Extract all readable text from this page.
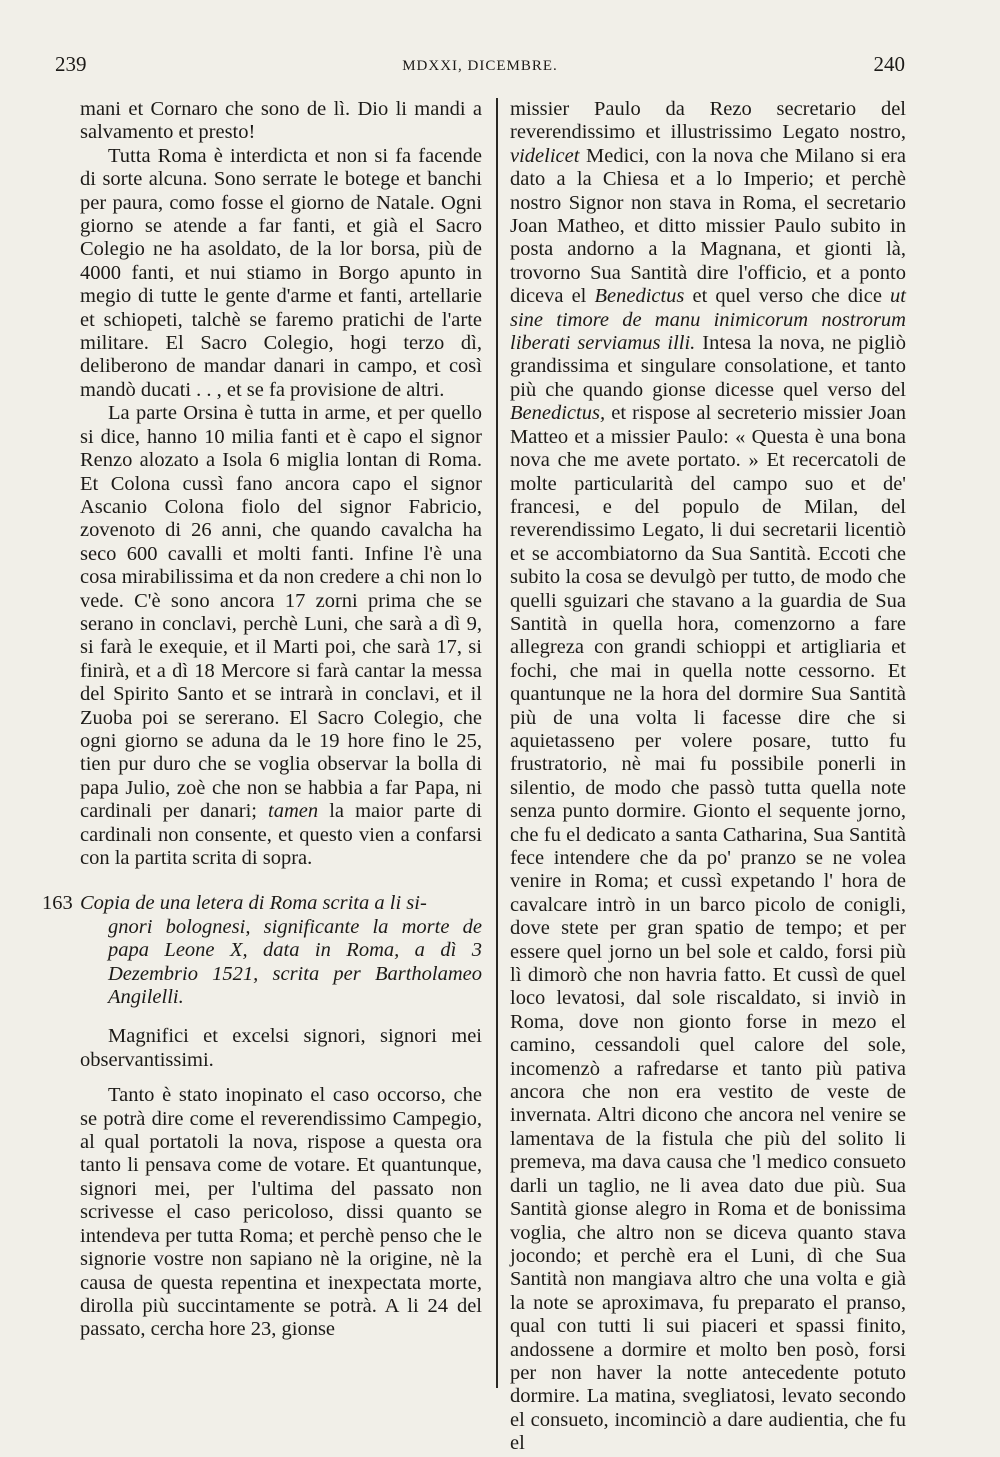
239	MDXXI, DICEMBRE.	240

mani et Cornaro che sono de lì. Dio li mandi a salvamento et presto!

Tutta Roma è interdicta et non si fa facende di sorte alcuna. Sono serrate le botege et banchi per paura, como fosse el giorno de Natale. Ogni giorno se atende a far fanti, et già el Sacro Colegio ne ha asoldato, de la lor borsa, più de 4000 fanti, et nui stiamo in Borgo apunto in megio di tutte le gente d'arme et fanti, artellarie et schiopeti, talchè se faremo pratichi de l'arte militare. El Sacro Colegio, hogi terzo dì, deliberono de mandar danari in campo, et così mandò ducati . . , et se fa provisione de altri.

La parte Orsina è tutta in arme, et per quello si dice, hanno 10 milia fanti et è capo el signor Renzo alozato a Isola 6 miglia lontan di Roma. Et Colona cussì fano ancora capo el signor Ascanio Colona fiolo del signor Fabricio, zovenoto di 26 anni, che quando cavalcha ha seco 600 cavalli et molti fanti. Infine l'è una cosa mirabilissima et da non credere a chi non lo vede. C'è sono ancora 17 zorni prima che se serano in conclavi, perchè Luni, che sarà a dì 9, si farà le exequie, et il Marti poi, che sarà 17, si finirà, et a dì 18 Mercore si farà cantar la messa del Spirito Santo et se intrarà in conclavi, et il Zuoba poi se sererano. El Sacro Colegio, che ogni giorno se aduna da le 19 hore fino le 25, tien pur duro che se voglia observar la bolla di papa Julio, zoè che non se habbia a far Papa, ni cardinali per danari; tamen la maior parte di cardinali non consente, et questo vien a confarsi con la partita scrita di sopra.

163 Copia de una letera di Roma scrita a li si-
gnori bolognesi, significante la morte de papa Leone X, data in Roma, a dì 3 Dezembrio 1521, scrita per Bartholameo Angilelli.

Magnifici et excelsi signori, signori mei observantissimi.

Tanto è stato inopinato el caso occorso, che se potrà dire come el reverendissimo Campegio, al qual portatoli la nova, rispose a questa ora tanto li pensava come de votare. Et quantunque, signori mei, per l'ultima del passato non scrivesse el caso pericoloso, dissi quanto se intendeva per tutta Roma; et perchè penso che le signorie vostre non sapiano nè la origine, nè la causa de questa repentina et inexpectata morte, dirolla più succintamente se potrà. A li 24 del passato, cercha hore 23, gionse

missier Paulo da Rezo secretario del reverendissimo et illustrissimo Legato nostro, videlicet Medici, con la nova che Milano si era dato a la Chiesa et a lo Imperio; et perchè nostro Signor non stava in Roma, el secretario Joan Matheo, et ditto missier Paulo subito in posta andorno a la Magnana, et gionti là, trovorno Sua Santità dire l'officio, et a ponto diceva el Benedictus et quel verso che dice ut sine timore de manu inimicorum nostrorum liberati serviamus illi. Intesa la nova, ne pigliò grandissima et singulare consolatione, et tanto più che quando gionse dicesse quel verso del Benedictus, et rispose al secreterio missier Joan Matteo et a missier Paulo: « Questa è una bona nova che me avete portato. » Et recercatoli de molte particularità del campo suo et de' francesi, e del populo de Milan, del reverendissimo Legato, li dui secretarii licentiò et se accombiatorno da Sua Santità. Eccoti che subito la cosa se devulgò per tutto, de modo che quelli sguizari che stavano a la guardia de Sua Santità in quella hora, comenzorno a fare allegreza con grandi schioppi et artigliaria et fochi, che mai in quella notte cessorno. Et quantunque ne la hora del dormire Sua Santità più de una volta li facesse dire che si aquietasseno per volere posare, tutto fu frustratorio, nè mai fu possibile ponerli in silentio, de modo che passò tutta quella note senza punto dormire. Gionto el sequente jorno, che fu el dedicato a santa Catharina, Sua Santità fece intendere che da po' pranzo se ne volea venire in Roma; et cussì expetando l' hora de cavalcare intrò in un barco picolo de conigli, dove stete per gran spatio de tempo; et per essere quel jorno un bel sole et caldo, forsi più lì dimorò che non havria fatto. Et cussì de quel loco levatosi, dal sole riscaldato, si inviò in Roma, dove non gionto forse in mezo el camino, cessandoli quel calore del sole, incomenzò a rafredarse et tanto più pativa ancora che non era vestito de veste de invernata. Altri dicono che ancora nel venire se lamentava de la fistula che più del solito li premeva, ma dava causa che 'l medico consueto darli un taglio, ne li avea dato due più. Sua Santità gionse alegro in Roma et de bonissima voglia, che altro non se diceva quanto stava jocondo; et perchè era el Luni, dì che Sua Santità non mangiava altro che una volta e già la note se aproximava, fu preparato el pranso, qual con tutti li sui piaceri et spassi finito, andossene a dormire et molto ben posò, forsi per non haver la notte antecedente potuto dormire. La matina, svegliatosi, levato secondo el consueto, incominciò a dare audientia, che fu el
